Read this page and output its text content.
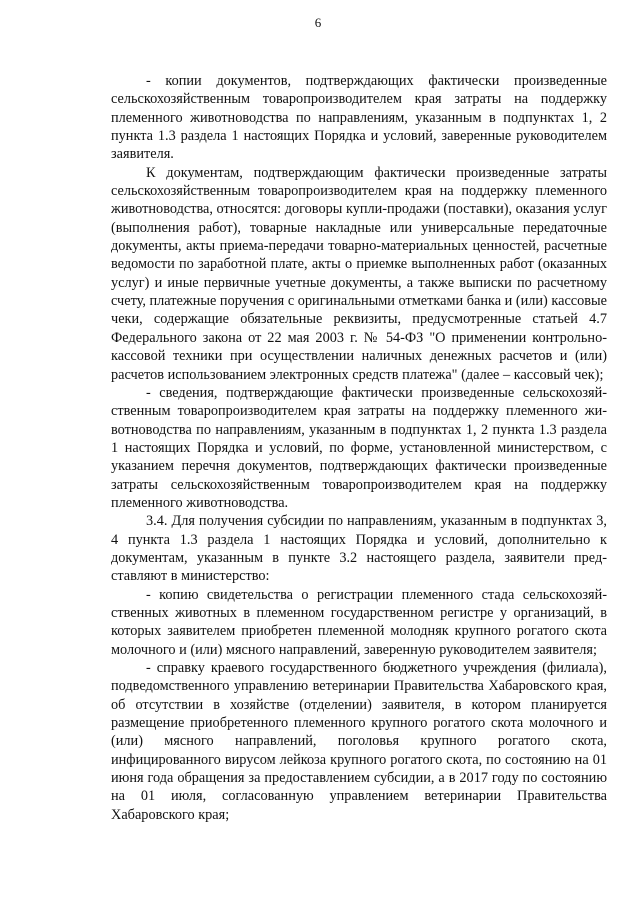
6

- копии документов, подтверждающих фактически произведенные сельскохозяйственным товаропроизводителем края затраты на поддержку племенного животноводства по направлениям, указанным в подпунктах 1, 2 пункта 1.3 раздела 1 настоящих Порядка и условий, заверенные руководителем заявителя.

К документам, подтверждающим фактически произведенные затраты сельскохозяйственным товаропроизводителем края на поддержку племенного животноводства, относятся: договоры купли-продажи (поставки), оказания услуг (выполнения работ), товарные накладные или универсальные передаточные документы, акты приема-передачи товарно-материальных ценностей, расчетные ведомости по заработной плате, акты о приемке выполненных работ (оказанных услуг) и иные первичные учетные документы, а также выписки по расчетному счету, платежные поручения с оригинальными отметками банка и (или) кассовые чеки, содержащие обязательные реквизиты, предусмотренные статьей 4.7 Федерального закона от 22 мая 2003 г. № 54-ФЗ "О применении контрольно-кассовой техники при осуществлении наличных денежных расчетов и (или) расчетов использованием электронных средств платежа" (далее – кассовый чек);

- сведения, подтверждающие фактически произведенные сельскохозяйственным товаропроизводителем края затраты на поддержку племенного животноводства по направлениям, указанным в подпунктах 1, 2 пункта 1.3 раздела 1 настоящих Порядка и условий, по форме, установленной министерством, с указанием перечня документов, подтверждающих фактически произведенные затраты сельскохозяйственным товаропроизводителем края на поддержку племенного животноводства.

3.4. Для получения субсидии по направлениям, указанным в подпунктах 3, 4 пункта 1.3 раздела 1 настоящих Порядка и условий, дополнительно к документам, указанным в пункте 3.2 настоящего раздела, заявители представляют в министерство:

- копию свидетельства о регистрации племенного стада сельскохозяйственных животных в племенном государственном регистре у организаций, в которых заявителем приобретен племенной молодняк крупного рогатого скота молочного и (или) мясного направлений, заверенную руководителем заявителя;

- справку краевого государственного бюджетного учреждения (филиала), подведомственного управлению ветеринарии Правительства Хабаровского края, об отсутствии в хозяйстве (отделении) заявителя, в котором планируется размещение приобретенного племенного крупного рогатого скота молочного и (или) мясного направлений, поголовья крупного рогатого скота, инфицированного вирусом лейкоза крупного рогатого скота, по состоянию на 01 июня года обращения за предоставлением субсидии, а в 2017 году по состоянию на 01 июля, согласованную управлением ветеринарии Правительства Хабаровского края;
